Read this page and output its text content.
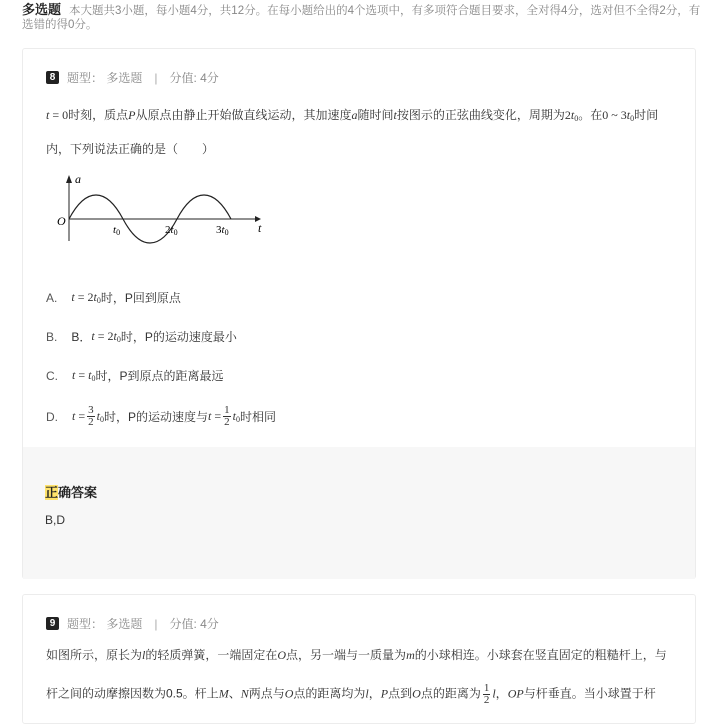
多选题 本大题共3小题，每小题4分，共12分。在每小题给出的4个选项中，有多项符合题目要求，全对得4分，选对但不全得2分，有选错的得0分。
8 题型： 多选题 | 分值: 4分
t = 0时刻，质点P从原点由静止开始做直线运动，其加速度a随时间t按图示的正弦曲线变化，周期为$2t_0$。在0 ~ $3t_0$时间
内，下列说法正确的是（　　）
a
t
O
t0	2t0	3t0
A. $t = 2t_0$ 时，P回到原点
B. B． $t = 2t_0$ 时，P的运动速度最小
C. $t = t_0$ 时，P到原点的距离最远
D. $t = \frac{3}{2} t_0$ 时，P的运动速度与 $t = \frac{1}{2} t_0$ 时相同
正确答案
B,D
9 题型： 多选题 | 分值: 4分
如图所示，原长为l的轻质弹簧，一端固定在O点，另一端与一质量为m的小球相连。小球套在竖直固定的粗糙杆上，与
杆之间的动摩擦因数为0.5。杆上M、N两点与O点的距离均为l，P点到O点的距离为 $\frac{1}{2}$ l，OP与杆垂直。当小球置于杆
